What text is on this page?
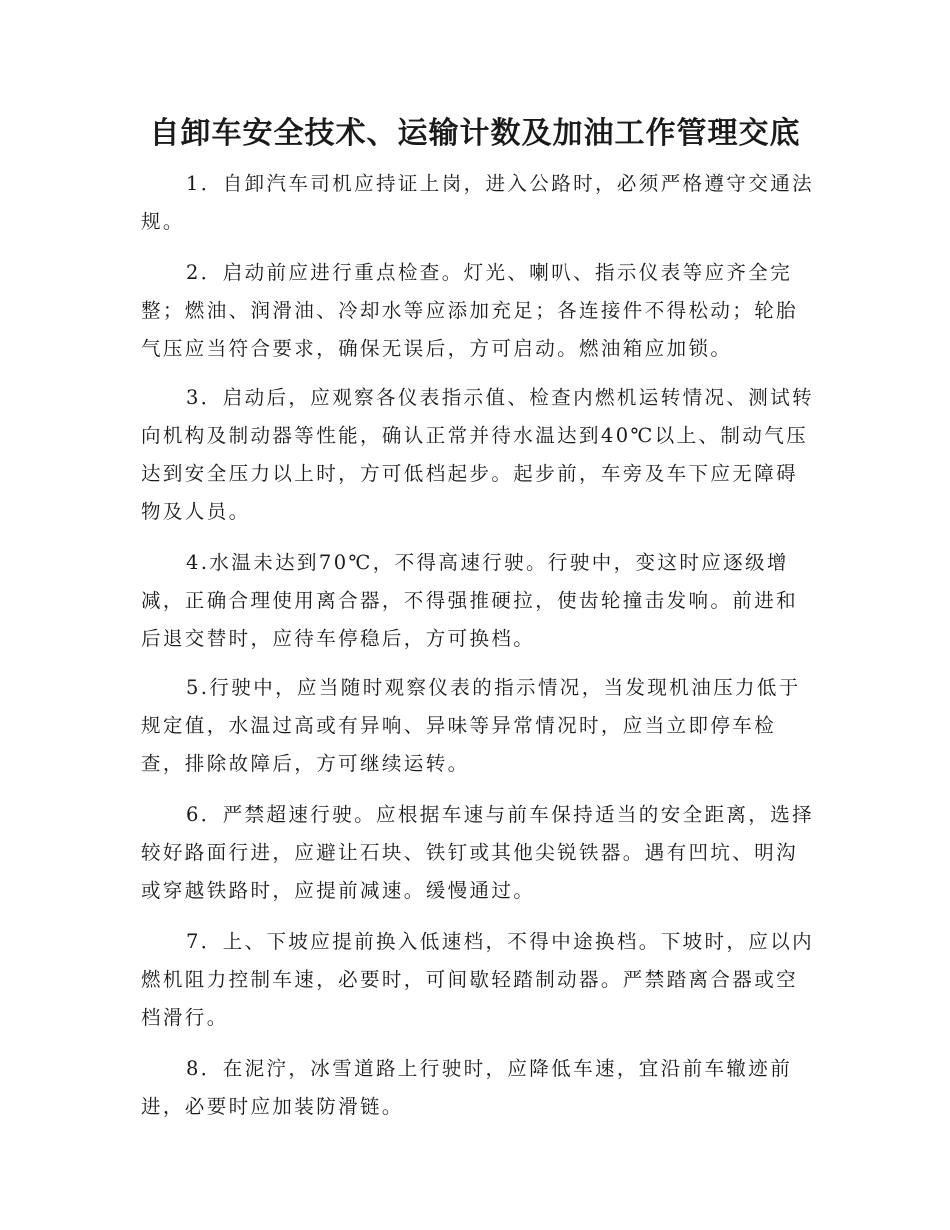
自卸车安全技术、运输计数及加油工作管理交底
1．自卸汽车司机应持证上岗，进入公路时，必须严格遵守交通法
规。
2．启动前应进行重点检查。灯光、喇叭、指示仪表等应齐全完
整；燃油、润滑油、冷却水等应添加充足；各连接件不得松动；轮胎
气压应当符合要求，确保无误后，方可启动。燃油箱应加锁。
3．启动后，应观察各仪表指示值、检查内燃机运转情况、测试转
向机构及制动器等性能，确认正常并待水温达到40℃以上、制动气压
达到安全压力以上时，方可低档起步。起步前，车旁及车下应无障碍
物及人员。
4.水温未达到70℃，不得高速行驶。行驶中，变这时应逐级增
减，正确合理使用离合器，不得强推硬拉，使齿轮撞击发响。前进和
后退交替时，应待车停稳后，方可换档。
5.行驶中，应当随时观察仪表的指示情况，当发现机油压力低于
规定值，水温过高或有异响、异味等异常情况时，应当立即停车检
查，排除故障后，方可继续运转。
6．严禁超速行驶。应根据车速与前车保持适当的安全距离，选择
较好路面行进，应避让石块、铁钉或其他尖锐铁器。遇有凹坑、明沟
或穿越铁路时，应提前减速。缓慢通过。
7．上、下坡应提前换入低速档，不得中途换档。下坡时，应以内
燃机阻力控制车速，必要时，可间歇轻踏制动器。严禁踏离合器或空
档滑行。
8．在泥泞，冰雪道路上行驶时，应降低车速，宜沿前车辙迹前
进，必要时应加装防滑链。
